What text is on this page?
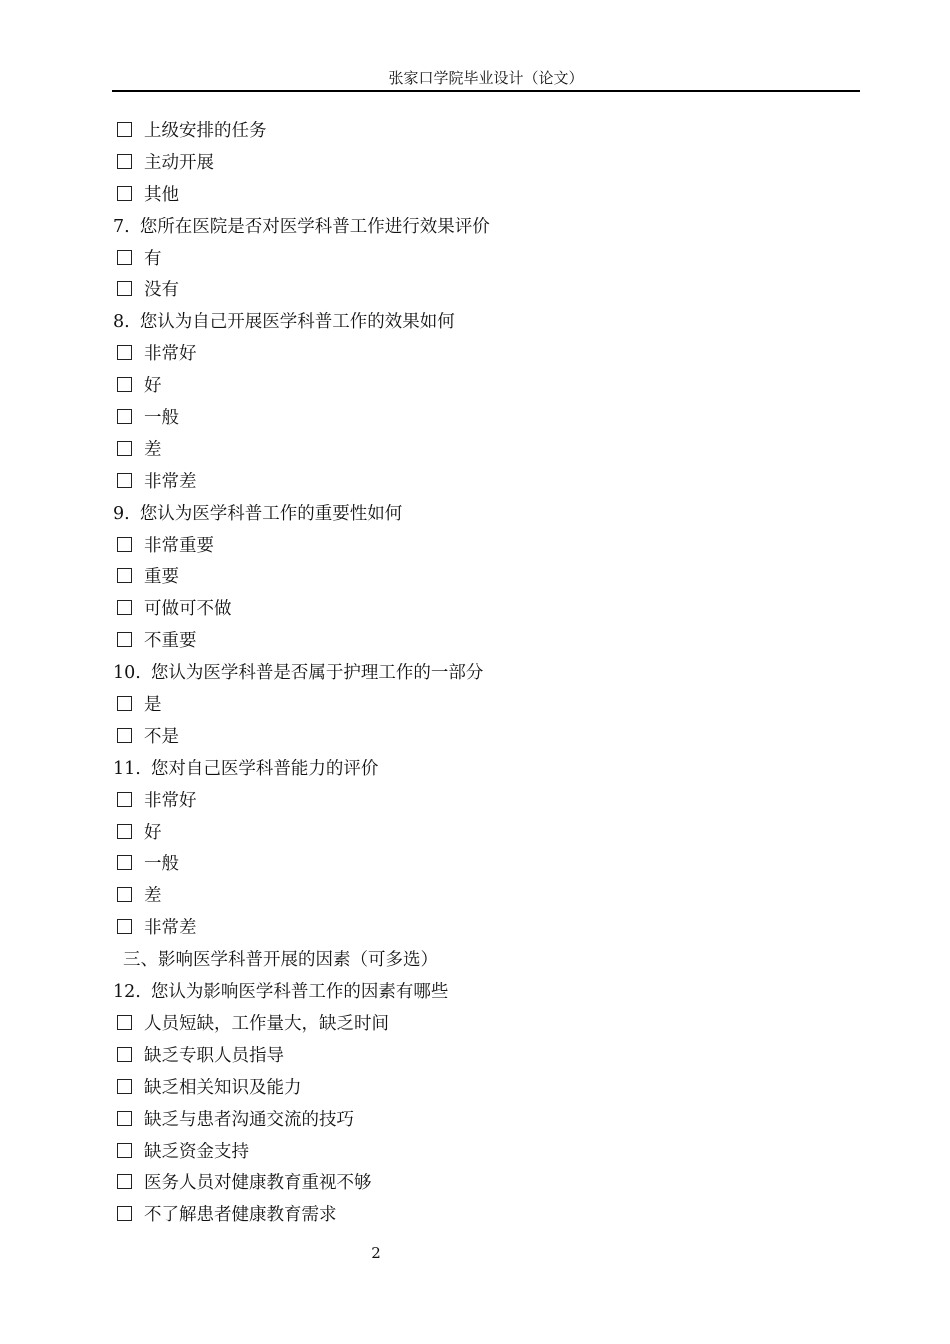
张家口学院毕业设计（论文）
上级安排的任务
主动开展
其他
7. 您所在医院是否对医学科普工作进行效果评价
有
没有
8. 您认为自己开展医学科普工作的效果如何
非常好
好
一般
差
非常差
9. 您认为医学科普工作的重要性如何
非常重要
重要
可做可不做
不重要
10. 您认为医学科普是否属于护理工作的一部分
是
不是
11. 您对自己医学科普能力的评价
非常好
好
一般
差
非常差
三、影响医学科普开展的因素（可多选）
12. 您认为影响医学科普工作的因素有哪些
人员短缺，工作量大，缺乏时间
缺乏专职人员指导
缺乏相关知识及能力
缺乏与患者沟通交流的技巧
缺乏资金支持
医务人员对健康教育重视不够
不了解患者健康教育需求
2
